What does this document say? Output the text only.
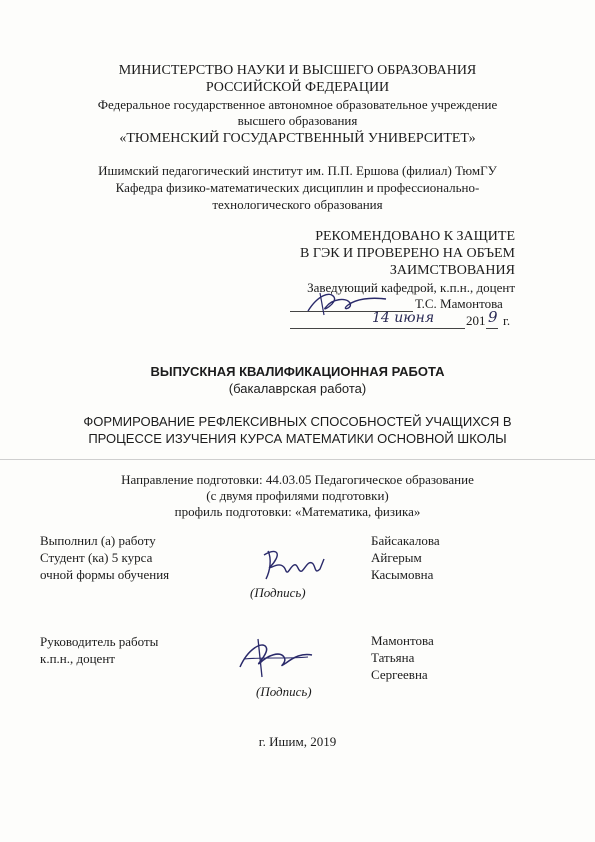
МИНИСТЕРСТВО НАУКИ И ВЫСШЕГО ОБРАЗОВАНИЯ
РОССИЙСКОЙ ФЕДЕРАЦИИ
Федеральное государственное автономное образовательное учреждение
высшего образования
«ТЮМЕНСКИЙ ГОСУДАРСТВЕННЫЙ УНИВЕРСИТЕТ»
Ишимский педагогический институт им. П.П. Ершова (филиал) ТюмГУ
Кафедра физико-математических дисциплин и профессионально-
технологического образования
РЕКОМЕНДОВАНО К ЗАЩИТЕ
В ГЭК И ПРОВЕРЕНО НА ОБЪЕМ
ЗАИМСТВОВАНИЯ
Заведующий кафедрой, к.п.н., доцент
Т.С. Мамонтова
14 июня 201 9 г.
ВЫПУСКНАЯ КВАЛИФИКАЦИОННАЯ РАБОТА
(бакалаврская работа)
ФОРМИРОВАНИЕ РЕФЛЕКСИВНЫХ СПОСОБНОСТЕЙ УЧАЩИХСЯ В
ПРОЦЕССЕ ИЗУЧЕНИЯ КУРСА МАТЕМАТИКИ ОСНОВНОЙ ШКОЛЫ
Направление подготовки: 44.03.05 Педагогическое образование
(с двумя профилями подготовки)
профиль подготовки: «Математика, физика»
Выполнил (а) работу
Студент (ка) 5 курса
очной формы обучения
(Подпись)
Байсакалова
Айгерым
Касымовна
Руководитель работы
к.п.н., доцент
(Подпись)
Мамонтова
Татьяна
Сергеевна
г. Ишим, 2019
